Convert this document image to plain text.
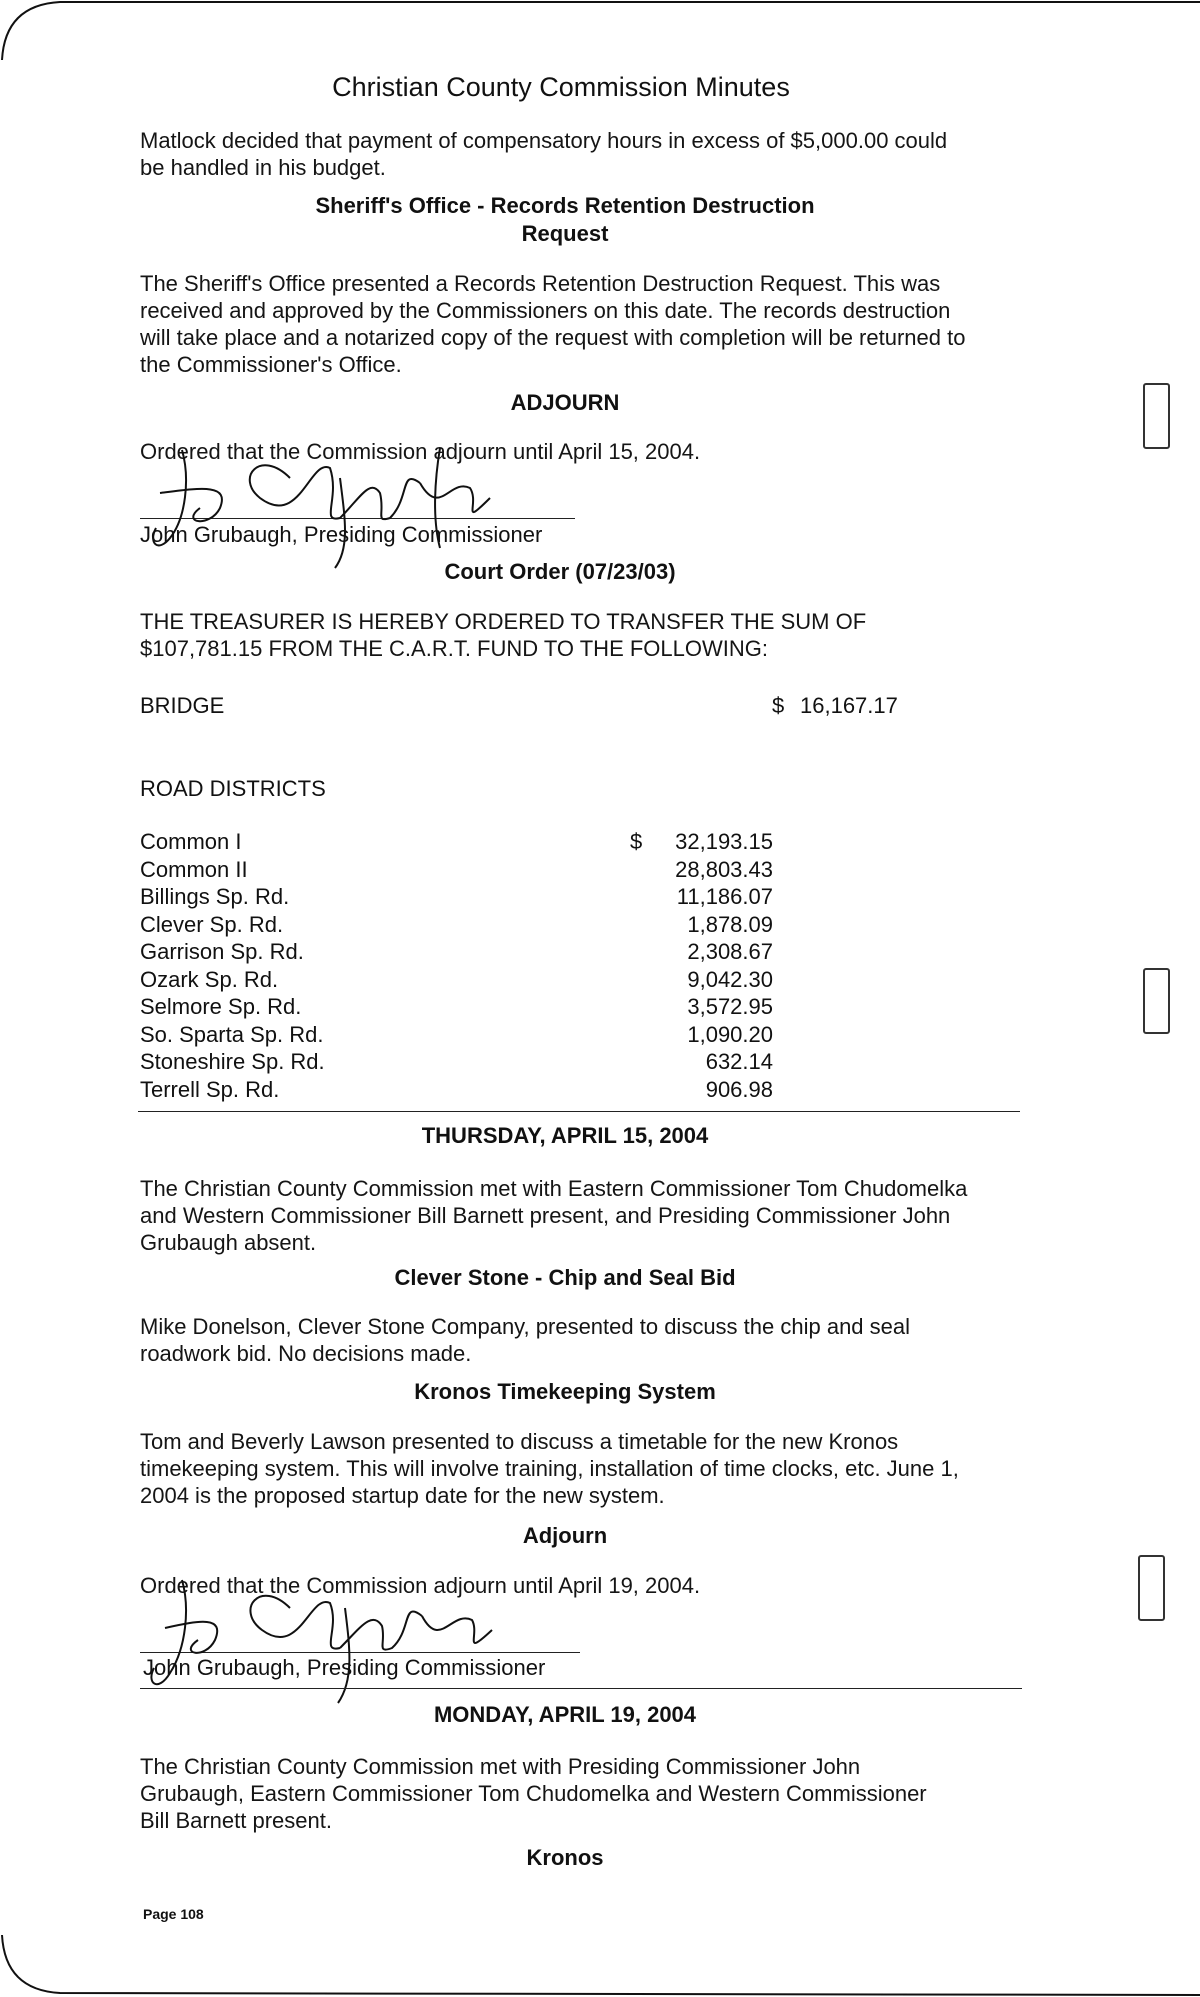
Christian County Commission Minutes

Matlock decided that payment of compensatory hours in excess of $5,000.00 could be handled in his budget.

Sheriff's Office - Records Retention Destruction
Request

The Sheriff's Office presented a Records Retention Destruction Request. This was received and approved by the Commissioners on this date. The records destruction will take place and a notarized copy of the request with completion will be returned to the Commissioner's Office.

ADJOURN

Ordered that the Commission adjourn until April 15, 2004.

John Grubaugh, Presiding Commissioner
Court Order (07/23/03)

THE TREASURER IS HEREBY ORDERED TO TRANSFER THE SUM OF $107,781.15 FROM THE C.A.R.T. FUND TO THE FOLLOWING:

BRIDGE	$ 16,167.17
ROAD DISTRICTS
Common I	$	32,193.15
Common II	28,803.43
Billings Sp. Rd.	11,186.07
Clever Sp. Rd.	1,878.09
Garrison Sp. Rd.	2,308.67
Ozark Sp. Rd.	9,042.30
Selmore Sp. Rd.	3,572.95
So. Sparta Sp. Rd.	1,090.20
Stoneshire Sp. Rd.	632.14
Terrell Sp. Rd.	906.98
THURSDAY, APRIL 15, 2004

The Christian County Commission met with Eastern Commissioner Tom Chudomelka and Western Commissioner Bill Barnett present, and Presiding Commissioner John Grubaugh absent.

Clever Stone - Chip and Seal Bid

Mike Donelson, Clever Stone Company, presented to discuss the chip and seal roadwork bid. No decisions made.

Kronos Timekeeping System

Tom and Beverly Lawson presented to discuss a timetable for the new Kronos timekeeping system. This will involve training, installation of time clocks, etc. June 1, 2004 is the proposed startup date for the new system.

Adjourn

Ordered that the Commission adjourn until April 19, 2004.

John Grubaugh, Presiding Commissioner
MONDAY, APRIL 19, 2004

The Christian County Commission met with Presiding Commissioner John Grubaugh, Eastern Commissioner Tom Chudomelka and Western Commissioner Bill Barnett present.

Kronos
Page 108
